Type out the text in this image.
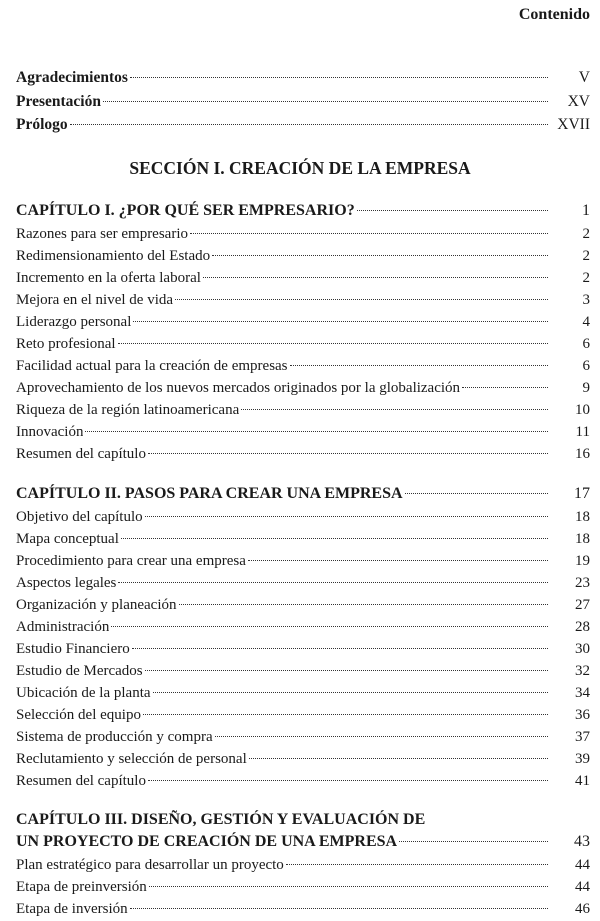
Contenido
Agradecimientos	V
Presentación	XV
Prólogo	XVII
SECCIÓN I. CREACIÓN DE LA EMPRESA
CAPÍTULO I. ¿POR QUÉ SER EMPRESARIO?	1
Razones para ser empresario	2
Redimensionamiento del Estado	2
Incremento en la oferta laboral	2
Mejora en el nivel de vida	3
Liderazgo personal	4
Reto profesional	6
Facilidad actual para la creación de empresas	6
Aprovechamiento de los nuevos mercados originados por la globalización	9
Riqueza de la región latinoamericana	10
Innovación	11
Resumen del capítulo	16
CAPÍTULO II. PASOS PARA CREAR UNA EMPRESA	17
Objetivo del capítulo	18
Mapa conceptual	18
Procedimiento para crear una empresa	19
Aspectos legales	23
Organización y planeación	27
Administración	28
Estudio Financiero	30
Estudio de Mercados	32
Ubicación de la planta	34
Selección del equipo	36
Sistema de producción y compra	37
Reclutamiento y selección de personal	39
Resumen del capítulo	41
CAPÍTULO III. DISEÑO, GESTIÓN Y EVALUACIÓN DE
UN PROYECTO DE CREACIÓN DE UNA EMPRESA	43
Plan estratégico para desarrollar un proyecto	44
Etapa de preinversión	44
Etapa de inversión	46
